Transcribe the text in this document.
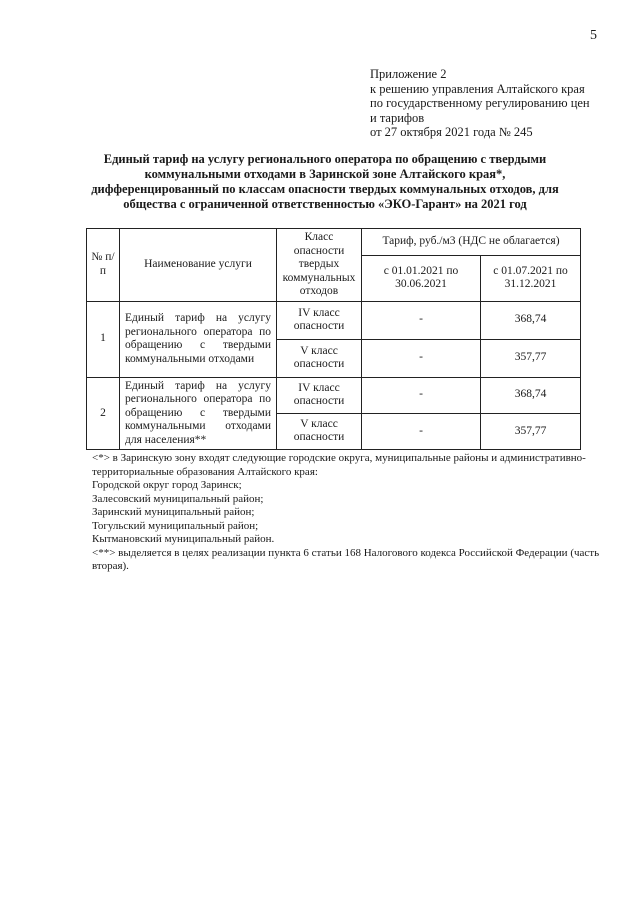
5
Приложение 2
к решению управления Алтайского края
по государственному регулированию цен
и тарифов
от 27 октября 2021 года № 245
Единый тариф на услугу регионального оператора по обращению с твердыми
коммунальными отходами в Заринской зоне Алтайского края*,
дифференцированный по классам опасности твердых коммунальных отходов, для
общества с ограниченной ответственностью «ЭКО-Гарант» на 2021 год
№ п/п	Наименование услуги	Класс опасности твердых коммунальных отходов	Тариф, руб./м3 (НДС не облагается)	
			с 01.01.2021 по 30.06.2021	с 01.07.2021 по 31.12.2021
1	Единый тариф на услугу регионального оператора по обращению с твердыми коммунальными отходами	IV класс опасности	-	368,74
		V класс опасности	-	357,77
2	Единый тариф на услугу регионального оператора по обращению с твердыми коммунальными отходами для населения**	IV класс опасности	-	368,74
		V класс опасности	-	357,77
<*> в Заринскую зону входят следующие городские округа, муниципальные районы и административно-территориальные образования Алтайского края:
Городской округ город Заринск;
Залесовский муниципальный район;
Заринский муниципальный район;
Тогульский муниципальный район;
Кытмановский муниципальный район.
<**> выделяется в целях реализации пункта 6 статьи 168 Налогового кодекса Российской Федерации (часть вторая).
